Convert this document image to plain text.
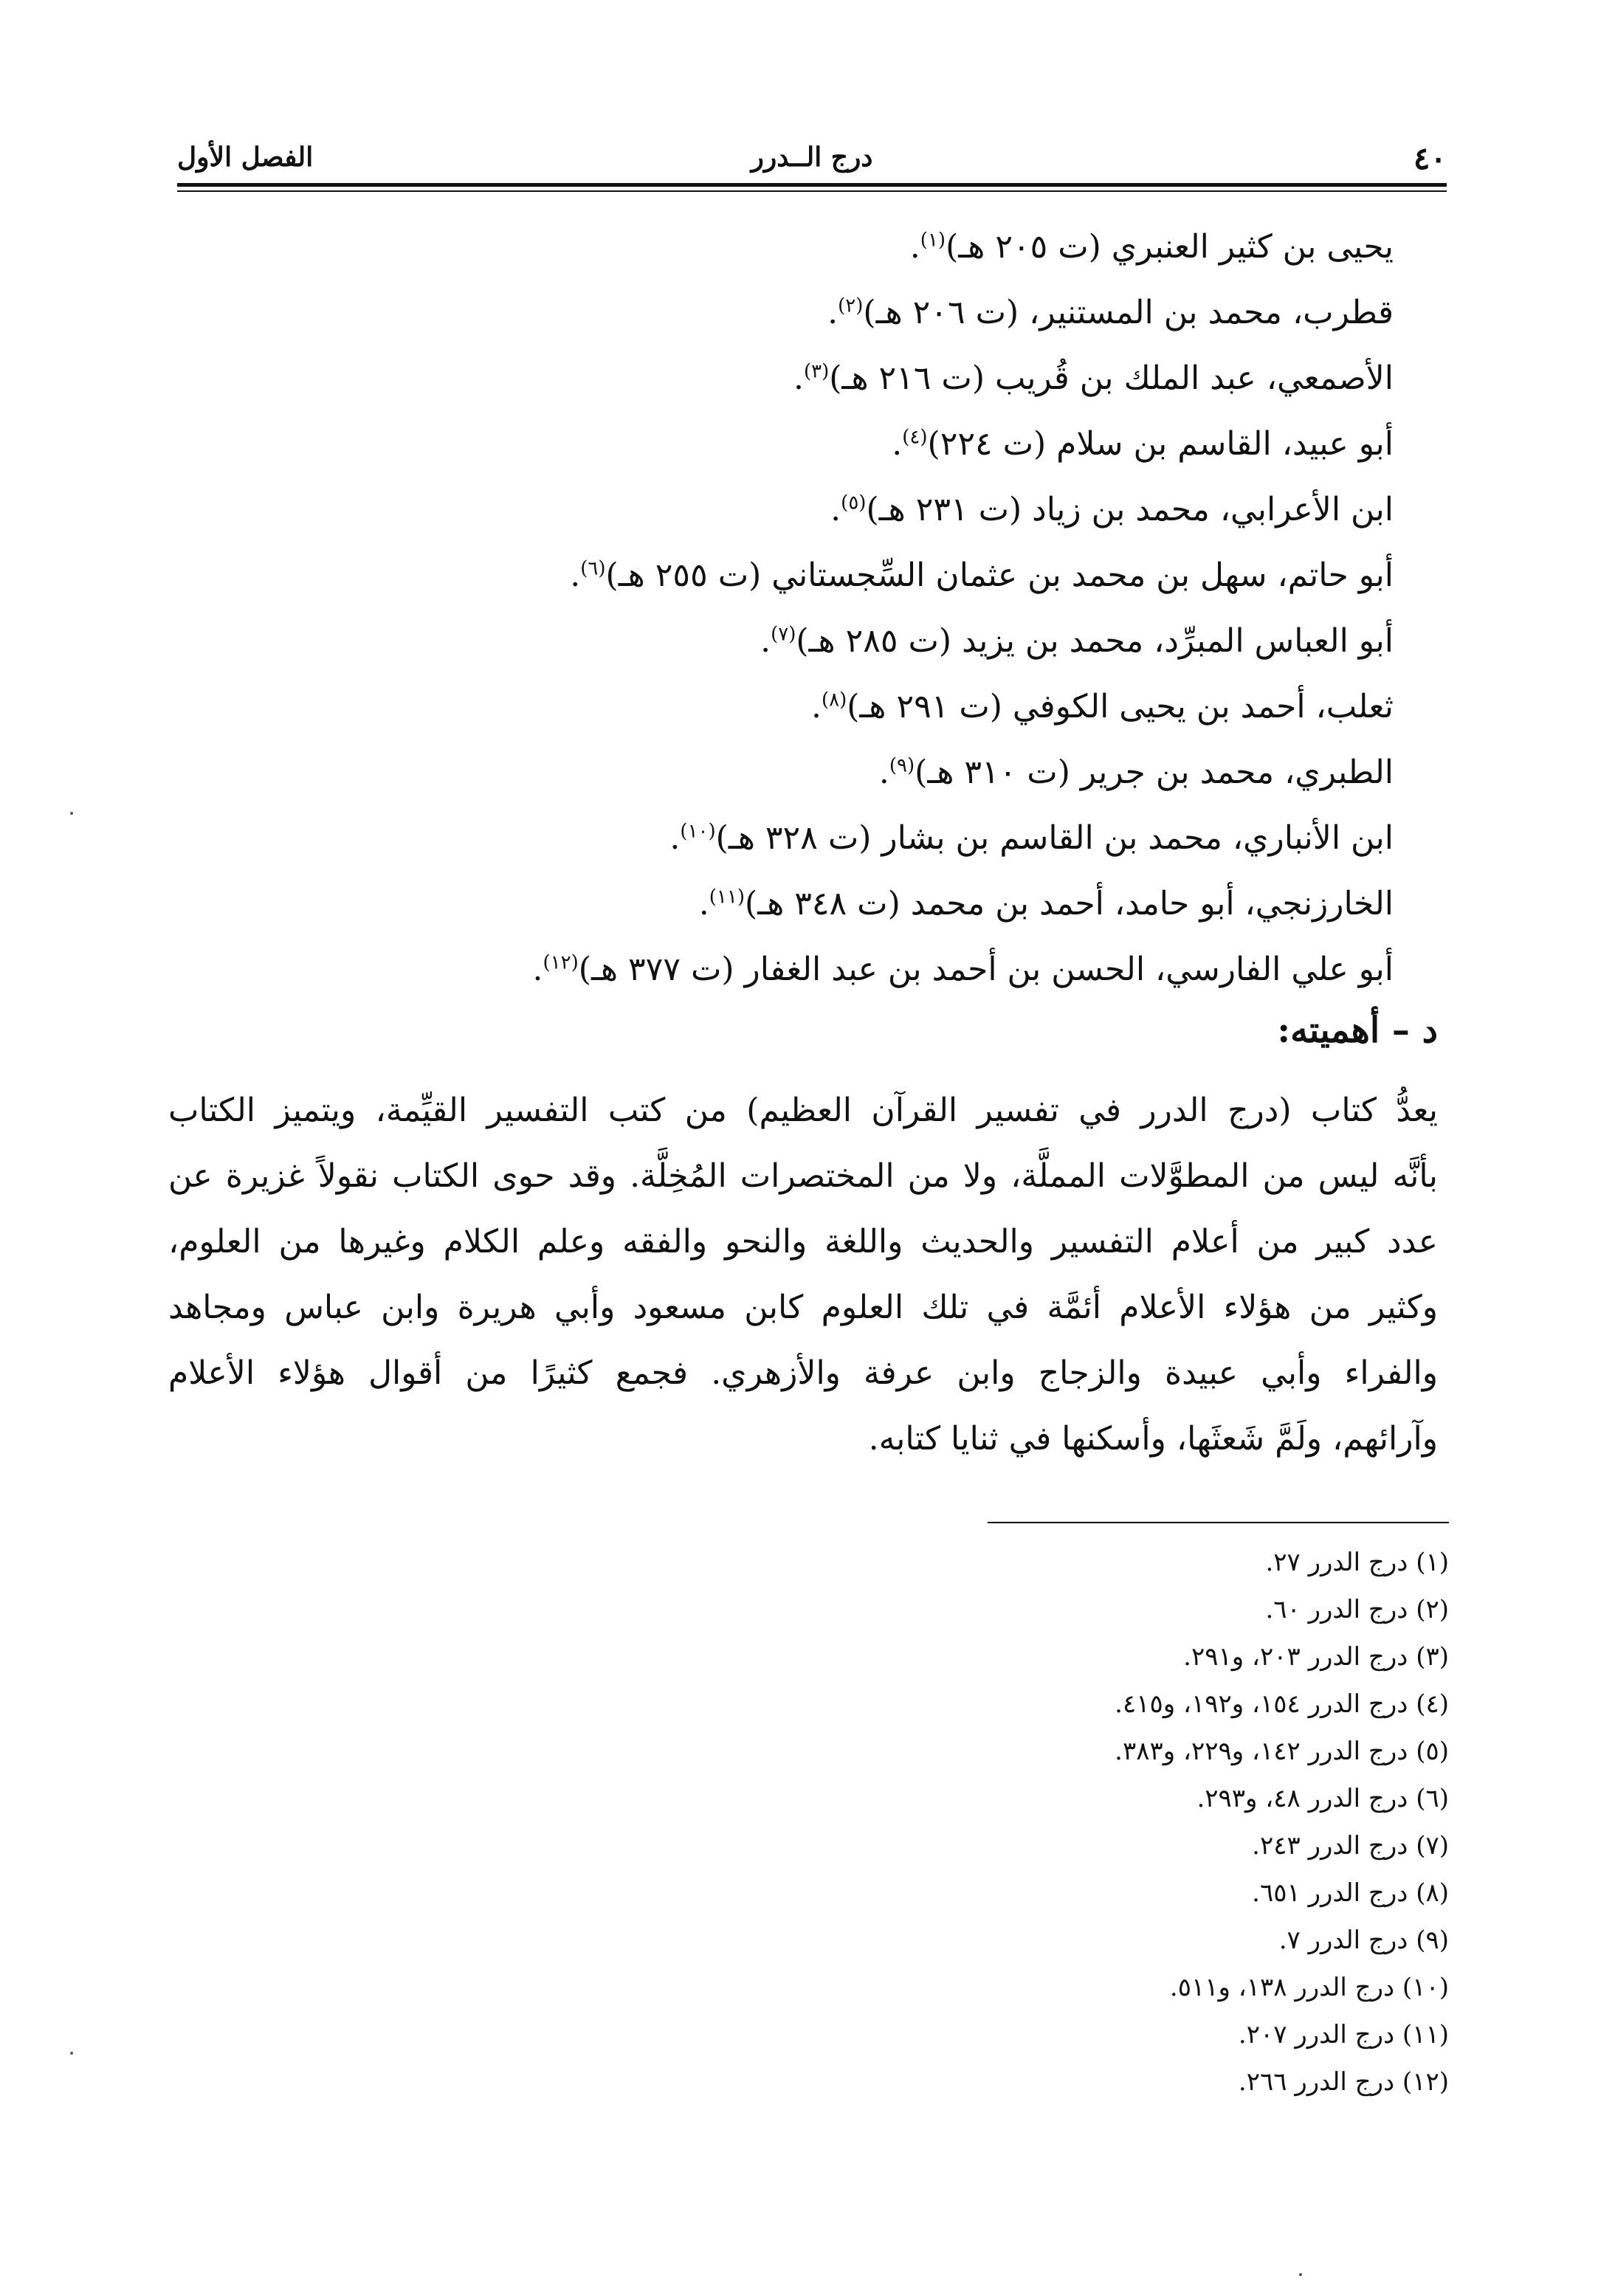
٤٠
درج الــدرر
الفصل الأول
يحيى بن كثير العنبري (ت ٢٠٥ هـ)$^{(١)}$.
قطرب، محمد بن المستنير، (ت ٢٠٦ هـ)$^{(٢)}$.
الأصمعي، عبد الملك بن قُريب (ت ٢١٦ هـ)$^{(٣)}$.
أبو عبيد، القاسم بن سلام (ت ٢٢٤)$^{(٤)}$.
ابن الأعرابي، محمد بن زياد (ت ٢٣١ هـ)$^{(٥)}$.
أبو حاتم، سهل بن محمد بن عثمان السِّجستاني (ت ٢٥٥ هـ)$^{(٦)}$.
أبو العباس المبرِّد، محمد بن يزيد (ت ٢٨٥ هـ)$^{(٧)}$.
ثعلب، أحمد بن يحيى الكوفي (ت ٢٩١ هـ)$^{(٨)}$.
الطبري، محمد بن جرير (ت ٣١٠ هـ)$^{(٩)}$.
ابن الأنباري، محمد بن القاسم بن بشار (ت ٣٢٨ هـ)$^{(١٠)}$.
الخارزنجي، أبو حامد، أحمد بن محمد (ت ٣٤٨ هـ)$^{(١١)}$.
أبو علي الفارسي، الحسن بن أحمد بن عبد الغفار (ت ٣٧٧ هـ)$^{(١٢)}$.
د – أهميته:

يعدُّ كتاب (درج الدرر في تفسير القرآن العظيم) من كتب التفسير القيِّمة، ويتميز الكتاب
بأنَّه ليس من المطوَّلات المملَّة، ولا من المختصرات المُخِلَّة. وقد حوى الكتاب نقولاً غزيرة عن
عدد كبير من أعلام التفسير والحديث واللغة والنحو والفقه وعلم الكلام وغيرها من العلوم،
وكثير من هؤلاء الأعلام أئمَّة في تلك العلوم كابن مسعود وأبي هريرة وابن عباس ومجاهد
والفراء وأبي عبيدة والزجاج وابن عرفة والأزهري. فجمع كثيرًا من أقوال هؤلاء الأعلام
وآرائهم، ولَمَّ شَعثَها، وأسكنها في ثنايا كتابه.

(١) درج الدرر ٢٧.
(٢) درج الدرر ٦٠.
(٣) درج الدرر ٢٠٣، و٢٩١.
(٤) درج الدرر ١٥٤، و١٩٢، و٤١٥.
(٥) درج الدرر ١٤٢، و٢٢٩، و٣٨٣.
(٦) درج الدرر ٤٨، و٢٩٣.
(٧) درج الدرر ٢٤٣.
(٨) درج الدرر ٦٥١.
(٩) درج الدرر ٧.
(١٠) درج الدرر ١٣٨، و٥١١.
(١١) درج الدرر ٢٠٧.
(١٢) درج الدرر ٢٦٦.
